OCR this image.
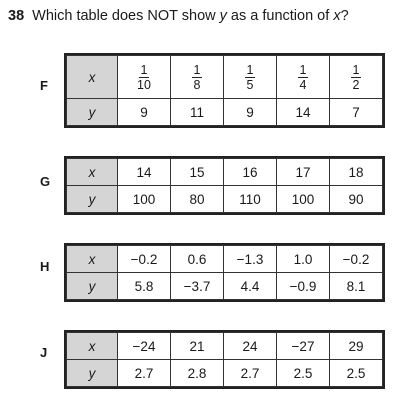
38 Which table does NOT show y as a function of x?
F
x	$\frac{1}{10}$	$\frac{1}{8}$	$\frac{1}{5}$	$\frac{1}{4}$	$\frac{1}{2}$

y	9	11	9	14	7
G
x	14	15	16	17	18
y	100	80	110	100	90
H	x	−0.2	0.6	−1.3	1.0	−0.2
y	5.8	−3.7	4.4	−0.9	8.1
J	x	−24	21	24	−27	29
y	2.7	2.8	2.7	2.5	2.5
